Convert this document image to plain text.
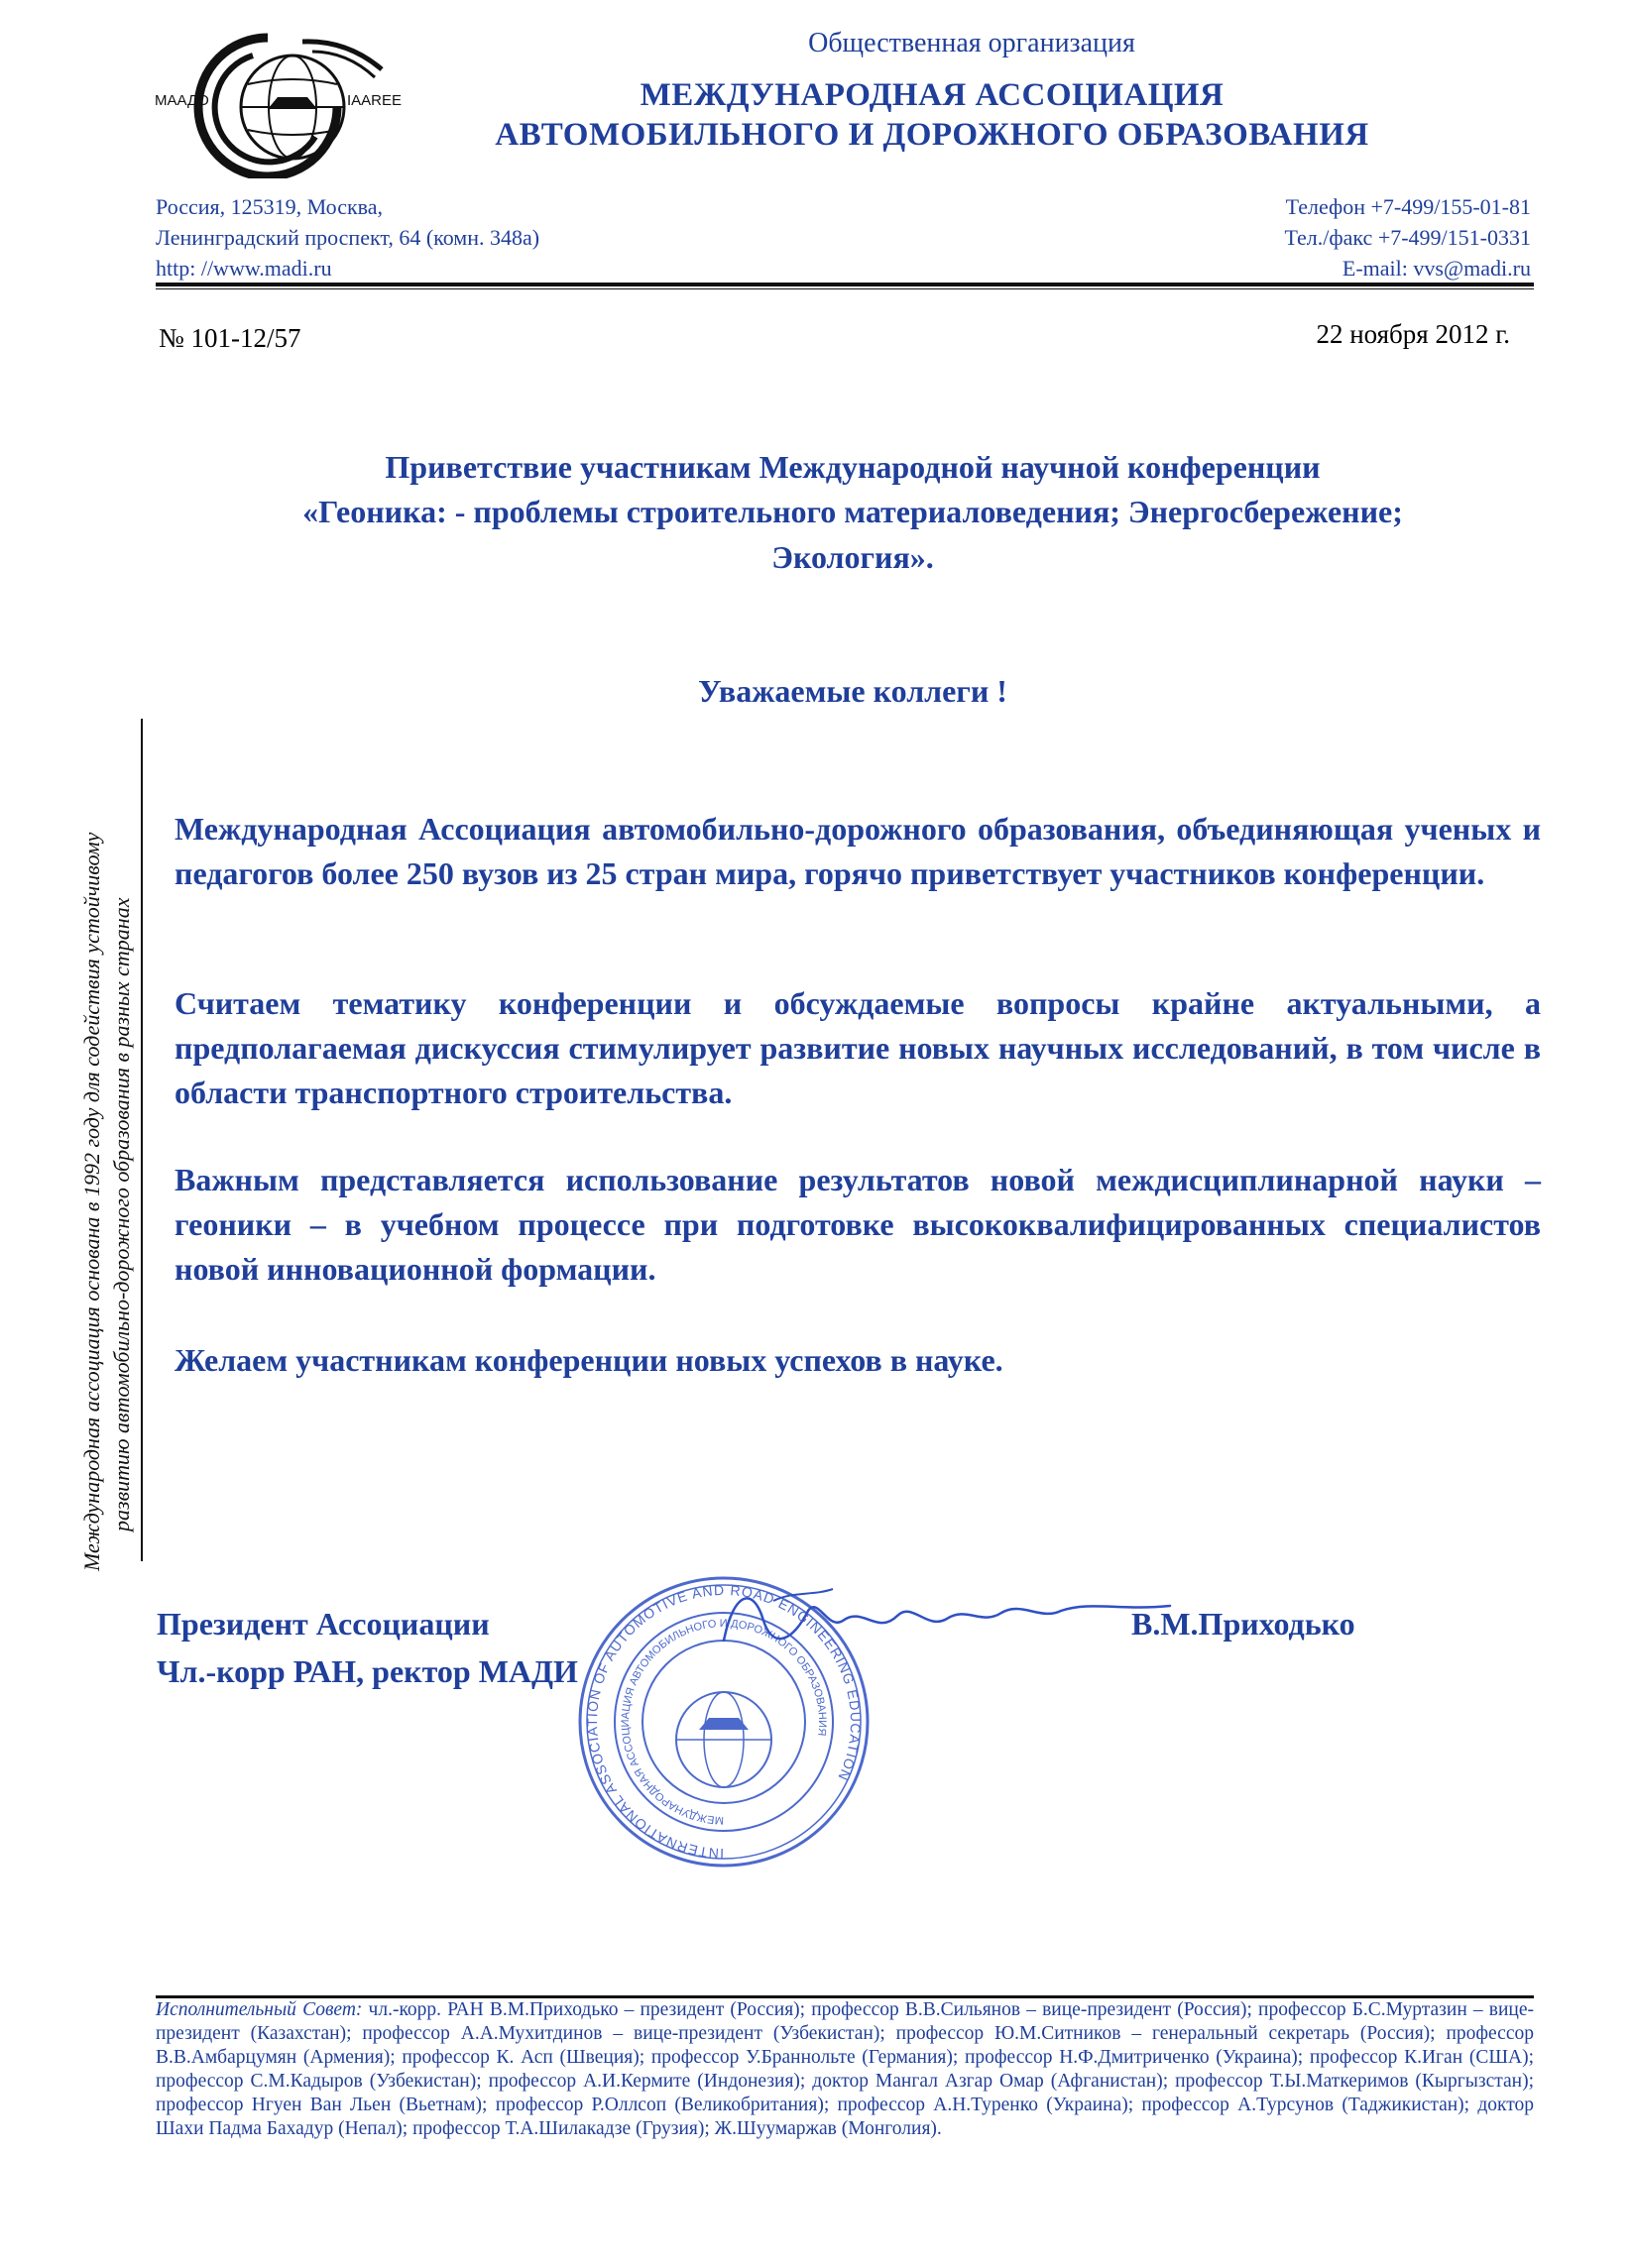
МААДО	IAAREE
Общественная организация
МЕЖДУНАРОДНАЯ АССОЦИАЦИЯ
АВТОМОБИЛЬНОГО И ДОРОЖНОГО ОБРАЗОВАНИЯ
Россия, 125319, Москва,
Ленинградский проспект, 64 (комн. 348а)
http: //www.madi.ru
Телефон +7-499/155-01-81
Тел./факс +7-499/151-0331
E-mail: vvs@madi.ru
№ 101-12/57	22 ноября 2012 г.
Приветствие участникам Международной научной конференции
«Геоника: - проблемы строительного материаловедения; Энергосбережение;
Экология».
Уважаемые коллеги !
Международная Ассоциация автомобильно-дорожного образования, объединяющая ученых и педагогов более 250 вузов из 25 стран мира, горячо приветствует участников конференции.
Считаем тематику конференции и обсуждаемые вопросы крайне актуальными, а предполагаемая дискуссия стимулирует развитие новых научных исследований, в том числе в области транспортного строительства.
Важным представляется использование результатов новой междисциплинарной науки – геоники – в учебном процессе при подготовке высококвалифицированных специалистов новой инновационной формации.
Желаем участникам конференции новых успехов в науке.
Международная ассоциация основана в 1992 году для содействия устойчивому развитию автомобильно-дорожного образования в разных странах
Президент Ассоциации
Чл.-корр РАН, ректор МАДИ
В.М.Приходько
INTERNATIONAL ASSOCIATION OF AUTOMOTIVE AND ROAD ENGINEERING EDUCATION
МЕЖДУНАРОДНАЯ АССОЦИАЦИЯ АВТОМОБИЛЬНОГО И ДОРОЖНОГО ОБРАЗОВАНИЯ
Исполнительный Совет: чл.-корр. РАН В.М.Приходько – президент (Россия); профессор В.В.Сильянов – вице-президент (Россия); профессор Б.С.Муртазин – вице-президент (Казахстан); профессор А.А.Мухитдинов – вице-президент (Узбекистан); профессор Ю.М.Ситников – генеральный секретарь (Россия); профессор В.В.Амбарцумян (Армения); профессор К. Асп (Швеция); профессор У.Браннольте (Германия); профессор Н.Ф.Дмитриченко (Украина); профессор К.Иган (США); профессор С.М.Кадыров (Узбекистан); профессор А.И.Кермите (Индонезия); доктор Мангал Азгар Омар (Афганистан); профессор Т.Ы.Маткеримов (Кыргызстан); профессор Нгуен Ван Льен (Вьетнам); профессор Р.Оллсоп (Великобритания); профессор А.Н.Туренко (Украина); профессор А.Турсунов (Таджикистан); доктор Шахи Падма Бахадур (Непал); профессор Т.А.Шилакадзе (Грузия); Ж.Шуумаржав (Монголия).
